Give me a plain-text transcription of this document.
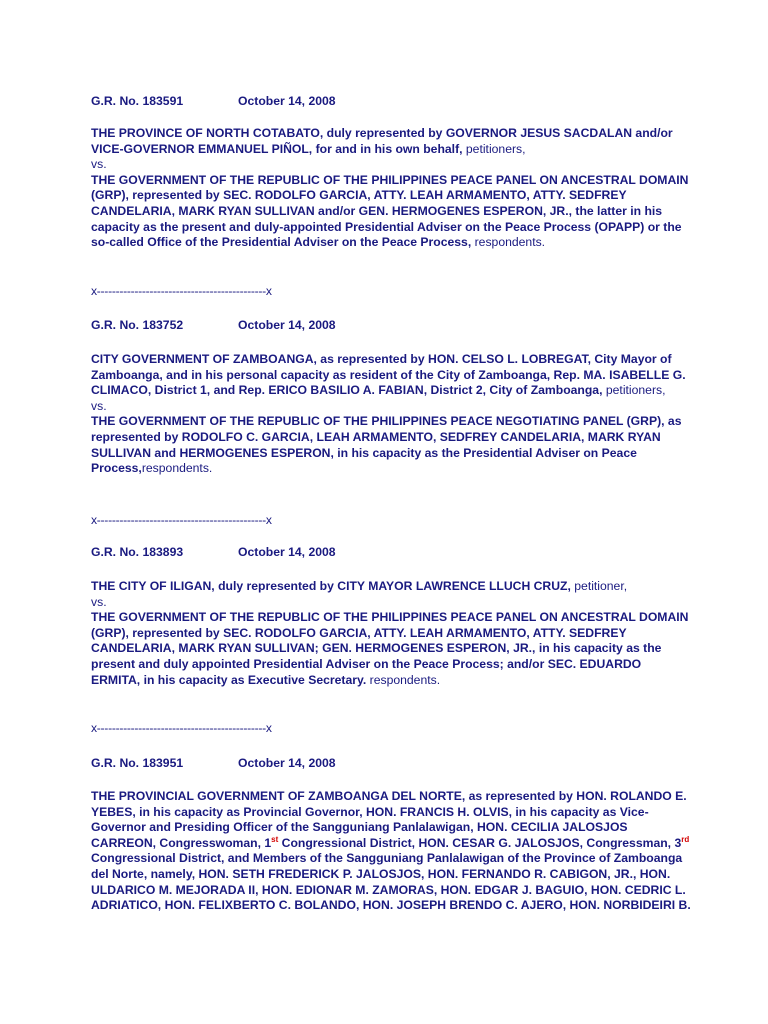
G.R. No. 183591	October 14, 2008

THE PROVINCE OF NORTH COTABATO, duly represented by GOVERNOR JESUS SACDALAN and/or VICE-GOVERNOR EMMANUEL PIÑOL, for and in his own behalf, petitioners,

vs.

THE GOVERNMENT OF THE REPUBLIC OF THE PHILIPPINES PEACE PANEL ON ANCESTRAL DOMAIN (GRP), represented by SEC. RODOLFO GARCIA, ATTY. LEAH ARMAMENTO, ATTY. SEDFREY CANDELARIA, MARK RYAN SULLIVAN and/or GEN. HERMOGENES ESPERON, JR., the latter in his capacity as the present and duly-appointed Presidential Adviser on the Peace Process (OPAPP) or the so-called Office of the Presidential Adviser on the Peace Process, respondents.

x---------------------------------------------x
G.R. No. 183752	October 14, 2008

CITY GOVERNMENT OF ZAMBOANGA, as represented by HON. CELSO L. LOBREGAT, City Mayor of Zamboanga, and in his personal capacity as resident of the City of Zamboanga, Rep. MA. ISABELLE G. CLIMACO, District 1, and Rep. ERICO BASILIO A. FABIAN, District 2, City of Zamboanga, petitioners,

vs.

THE GOVERNMENT OF THE REPUBLIC OF THE PHILIPPINES PEACE NEGOTIATING PANEL (GRP), as represented by RODOLFO C. GARCIA, LEAH ARMAMENTO, SEDFREY CANDELARIA, MARK RYAN SULLIVAN and HERMOGENES ESPERON, in his capacity as the Presidential Adviser on Peace Process,respondents.

x---------------------------------------------x
G.R. No. 183893	October 14, 2008

THE CITY OF ILIGAN, duly represented by CITY MAYOR LAWRENCE LLUCH CRUZ, petitioner,

vs.

THE GOVERNMENT OF THE REPUBLIC OF THE PHILIPPINES PEACE PANEL ON ANCESTRAL DOMAIN (GRP), represented by SEC. RODOLFO GARCIA, ATTY. LEAH ARMAMENTO, ATTY. SEDFREY CANDELARIA, MARK RYAN SULLIVAN; GEN. HERMOGENES ESPERON, JR., in his capacity as the present and duly appointed Presidential Adviser on the Peace Process; and/or SEC. EDUARDO ERMITA, in his capacity as Executive Secretary. respondents.

x---------------------------------------------x
G.R. No. 183951	October 14, 2008

THE PROVINCIAL GOVERNMENT OF ZAMBOANGA DEL NORTE, as represented by HON. ROLANDO E. YEBES, in his capacity as Provincial Governor, HON. FRANCIS H. OLVIS, in his capacity as Vice-Governor and Presiding Officer of the Sangguniang Panlalawigan, HON. CECILIA JALOSJOS CARREON, Congresswoman, 1st Congressional District, HON. CESAR G. JALOSJOS, Congressman, 3rd Congressional District, and Members of the Sangguniang Panlalawigan of the Province of Zamboanga del Norte, namely, HON. SETH FREDERICK P. JALOSJOS, HON. FERNANDO R. CABIGON, JR., HON. ULDARICO M. MEJORADA II, HON. EDIONAR M. ZAMORAS, HON. EDGAR J. BAGUIO, HON. CEDRIC L. ADRIATICO, HON. FELIXBERTO C. BOLANDO, HON. JOSEPH BRENDO C. AJERO, HON. NORBIDEIRI B.
